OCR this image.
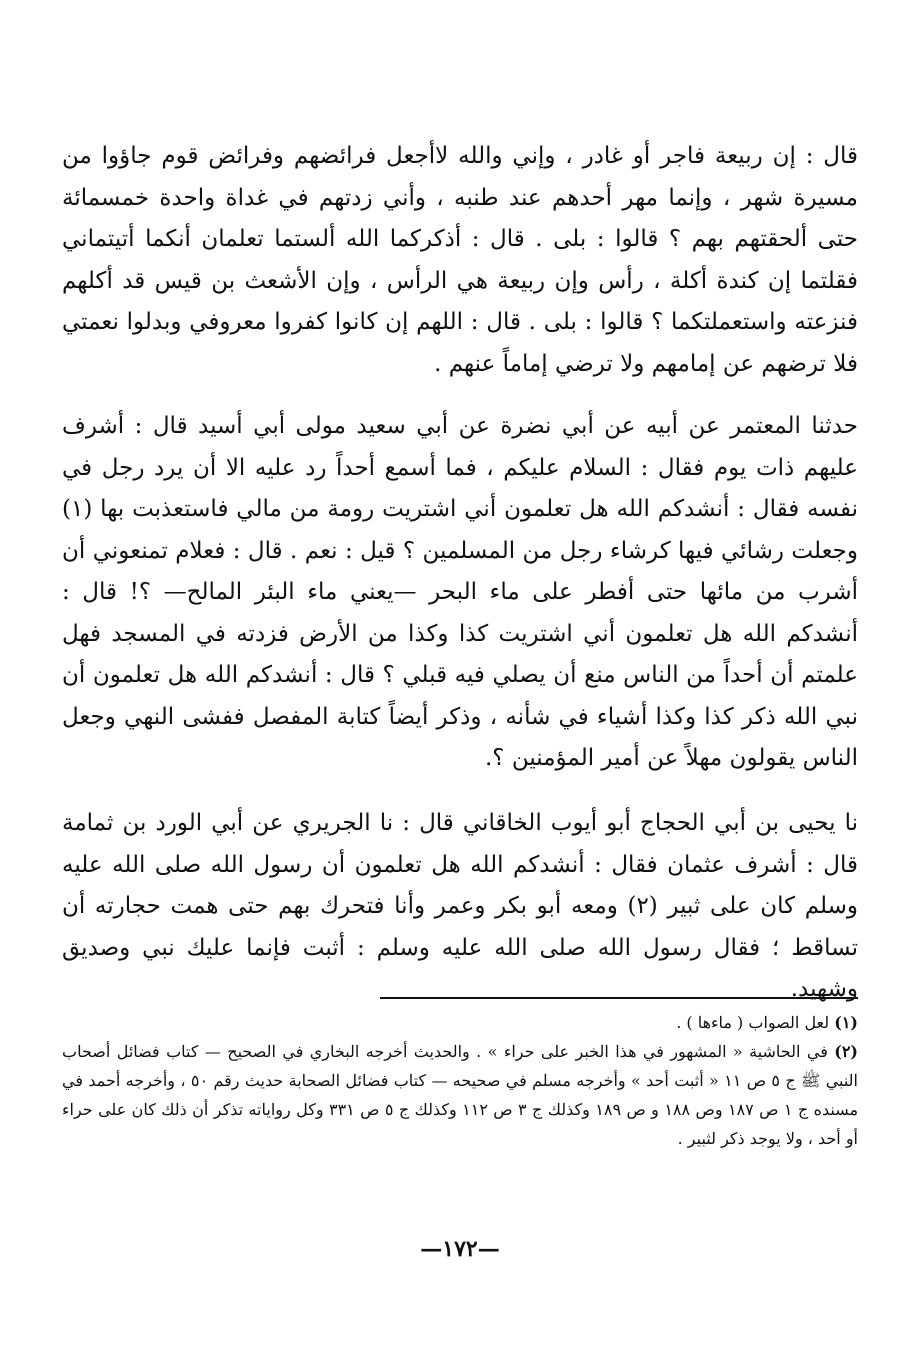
قال : إن ربيعة فاجر أو غادر ، وإني والله لاأجعل فرائضهم وفرائض قوم جاؤوا من مسيرة شهر ، وإنما مهر أحدهم عند طنبه ، وأني زدتهم في غداة واحدة خمسمائة حتى ألحقتهم بهم ؟ قالوا : بلى . قال : أذكركما الله ألستما تعلمان أنكما أتيتماني فقلتما إن كندة أكلة ، رأس وإن ربيعة هي الرأس ، وإن الأشعث بن قيس قد أكلهم فنزعته واستعملتكما ؟ قالوا : بلى . قال : اللهم إن كانوا كفروا معروفي وبدلوا نعمتي فلا ترضهم عن إمامهم ولا ترضي إماماً عنهم .

حدثنا المعتمر عن أبيه عن أبي نضرة عن أبي سعيد مولى أبي أسيد قال : أشرف عليهم ذات يوم فقال : السلام عليكم ، فما أسمع أحداً رد عليه الا أن يرد رجل في نفسه فقال : أنشدكم الله هل تعلمون أني اشتريت رومة من مالي فاستعذبت بها (١) وجعلت رشائي فيها كرشاء رجل من المسلمين ؟ قيل : نعم . قال : فعلام تمنعوني أن أشرب من مائها حتى أفطر على ماء البحر —يعني ماء البئر المالح— ؟! قال : أنشدكم الله هل تعلمون أني اشتريت كذا وكذا من الأرض فزدته في المسجد فهل علمتم أن أحداً من الناس منع أن يصلي فيه قبلي ؟ قال : أنشدكم الله هل تعلمون أن نبي الله ذكر كذا وكذا أشياء في شأنه ، وذكر أيضاً كتابة المفصل ففشى النهي وجعل الناس يقولون مهلاً عن أمير المؤمنين ؟.

نا يحيى بن أبي الحجاج أبو أيوب الخاقاني قال : نا الجريري عن أبي الورد بن ثمامة قال : أشرف عثمان فقال : أنشدكم الله هل تعلمون أن رسول الله صلى الله عليه وسلم كان على ثبير (٢) ومعه أبو بكر وعمر وأنا فتحرك بهم حتى همت حجارته أن تساقط ؛ فقال رسول الله صلى الله عليه وسلم : أثبت فإنما عليك نبي وصديق وشهيد.

(١) لعل الصواب ( ماءها ) .

(٢) في الحاشية « المشهور في هذا الخبر على حراء » . والحديث أخرجه البخاري في الصحيح — كتاب فضائل أصحاب النبي ﷺ ج ٥ ص ١١ « أثبت أحد » وأخرجه مسلم في صحيحه — كتاب فضائل الصحابة حديث رقم ٥٠ ، وأخرجه أحمد في مسنده ج ١ ص ١٨٧ وص ١٨٨ و ص ١٨٩ وكذلك ج ٣ ص ١١٢ وكذلك ج ٥ ص ٣٣١ وكل رواياته تذكر أن ذلك كان على حراء أو أحد ، ولا يوجد ذكر لثبير .

—١٧٢—
